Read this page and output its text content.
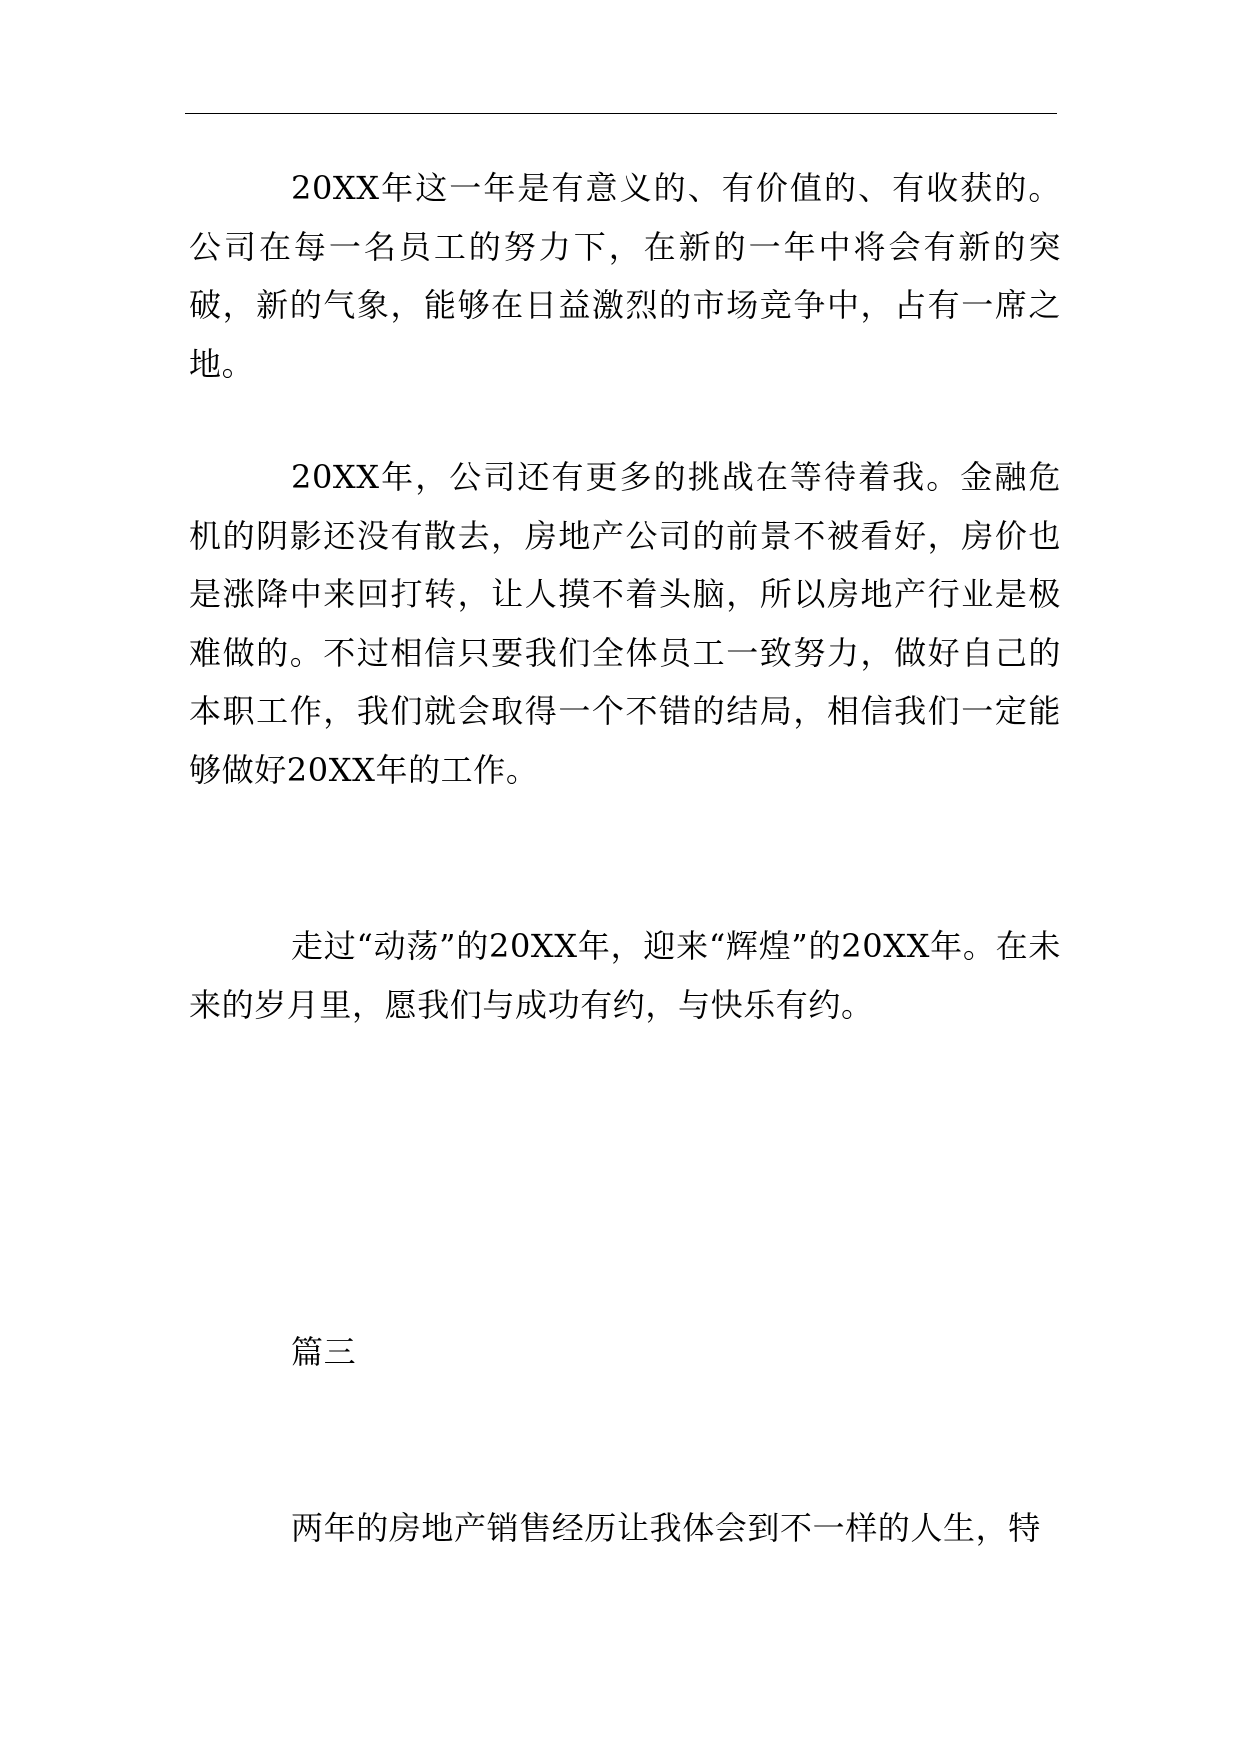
20XX年这一年是有意义的、有价值的、有收获的。公司在每一名员工的努力下，在新的一年中将会有新的突破，新的气象，能够在日益激烈的市场竞争中，占有一席之地。

20XX年，公司还有更多的挑战在等待着我。金融危机的阴影还没有散去，房地产公司的前景不被看好，房价也是涨降中来回打转，让人摸不着头脑，所以房地产行业是极难做的。不过相信只要我们全体员工一致努力，做好自己的本职工作，我们就会取得一个不错的结局，相信我们一定能够做好20XX年的工作。

走过“动荡”的20XX年，迎来“辉煌”的20XX年。在未来的岁月里，愿我们与成功有约，与快乐有约。

篇三

两年的房地产销售经历让我体会到不一样的人生，特
